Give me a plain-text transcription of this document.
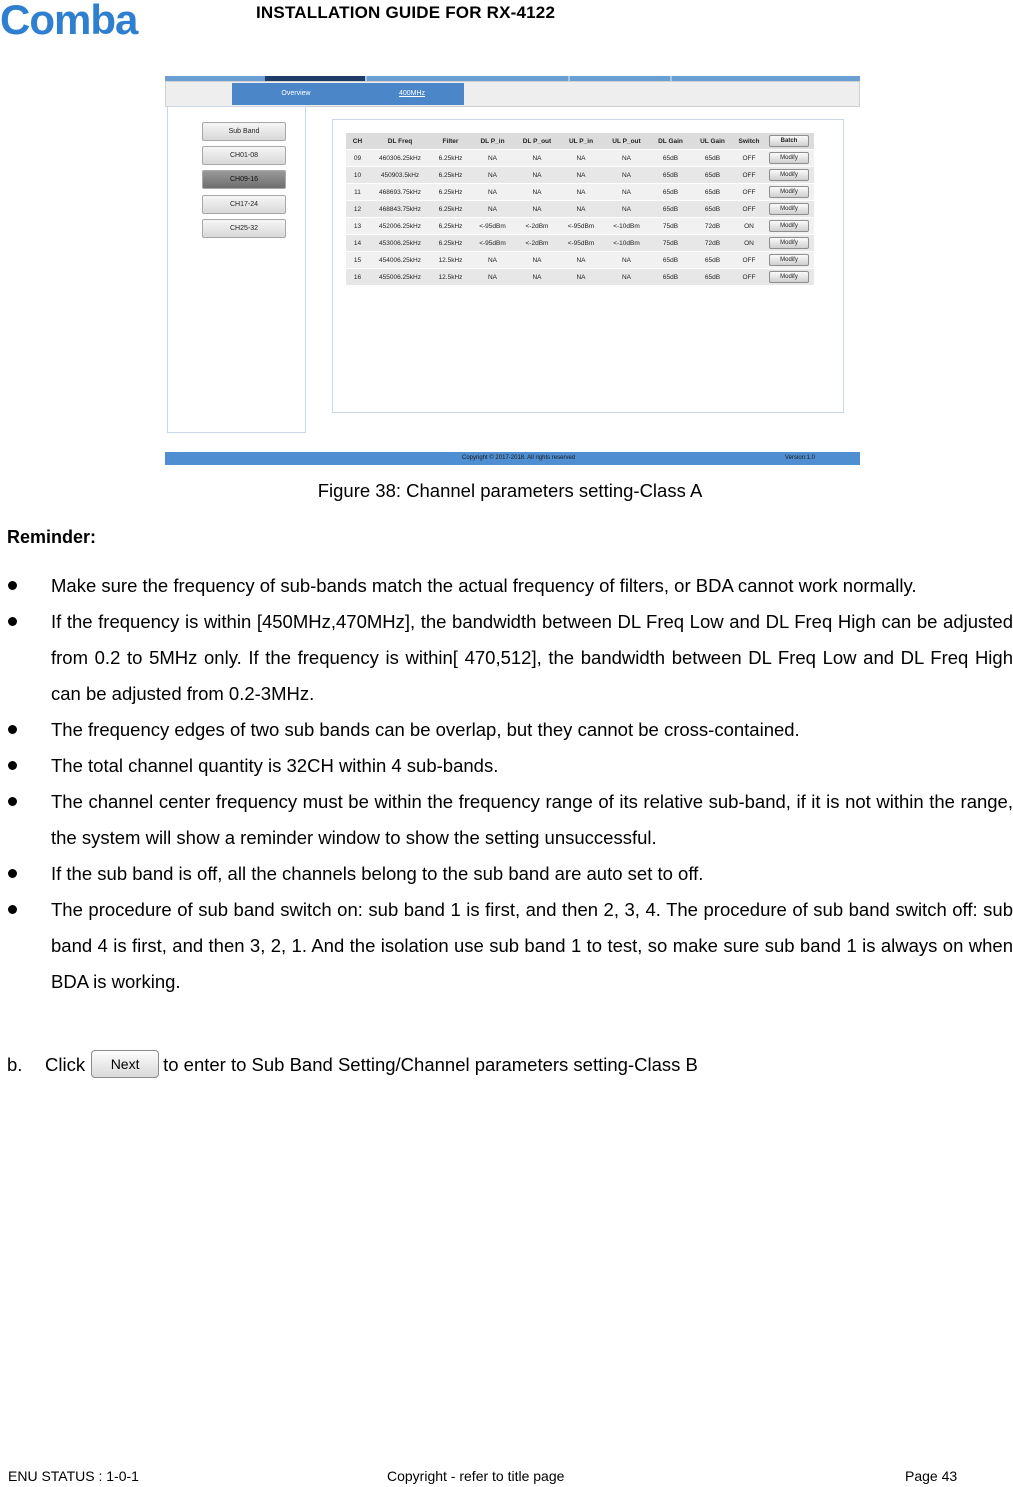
Comba	INSTALLATION GUIDE FOR RX-4122
Overview	400MHz
Sub Band
CH01-08
CH09-16
CH17-24
CH25-32
CH	DL Freq	Filter	DL P_in	DL P_out	UL P_in	UL P_out	DL Gain	UL Gain	Switch	Batch
09	460306.25kHz	6.25kHz	NA	NA	NA	NA	65dB	65dB	OFF	Modify
10	450903.5kHz	6.25kHz	NA	NA	NA	NA	65dB	65dB	OFF	Modify
11	468693.75kHz	6.25kHz	NA	NA	NA	NA	65dB	65dB	OFF	Modify
12	468843.75kHz	6.25kHz	NA	NA	NA	NA	65dB	65dB	OFF	Modify
13	452006.25kHz	6.25kHz	<-95dBm	<-2dBm	<-95dBm	<-10dBm	75dB	72dB	ON	Modify
14	453006.25kHz	6.25kHz	<-95dBm	<-2dBm	<-95dBm	<-10dBm	75dB	72dB	ON	Modify
15	454006.25kHz	12.5kHz	NA	NA	NA	NA	65dB	65dB	OFF	Modify
16	455006.25kHz	12.5kHz	NA	NA	NA	NA	65dB	65dB	OFF	Modify
Copyright © 2017-2018. All rights reserved	Version:1.0
Figure 38: Channel parameters setting-Class A
Reminder:
Make sure the frequency of sub-bands match the actual frequency of filters, or BDA cannot work normally.
If the frequency is within [450MHz,470MHz], the bandwidth between DL Freq Low and DL Freq High can be adjusted from 0.2 to 5MHz only. If the frequency is within[ 470,512], the bandwidth between DL Freq Low and DL Freq High can be adjusted from 0.2-3MHz.
The frequency edges of two sub bands can be overlap, but they cannot be cross-contained.
The total channel quantity is 32CH within 4 sub-bands.
The channel center frequency must be within the frequency range of its relative sub-band, if it is not within the range, the system will show a reminder window to show the setting unsuccessful.
If the sub band is off, all the channels belong to the sub band are auto set to off.
The procedure of sub band switch on: sub band 1 is first, and then 2, 3, 4. The procedure of sub band switch off: sub band 4 is first, and then 3, 2, 1. And the isolation use sub band 1 to test, so make sure sub band 1 is always on when BDA is working.
b. Click Next to enter to Sub Band Setting/Channel parameters setting-Class B
ENU STATUS : 1-0-1	Copyright - refer to title page	Page 43
